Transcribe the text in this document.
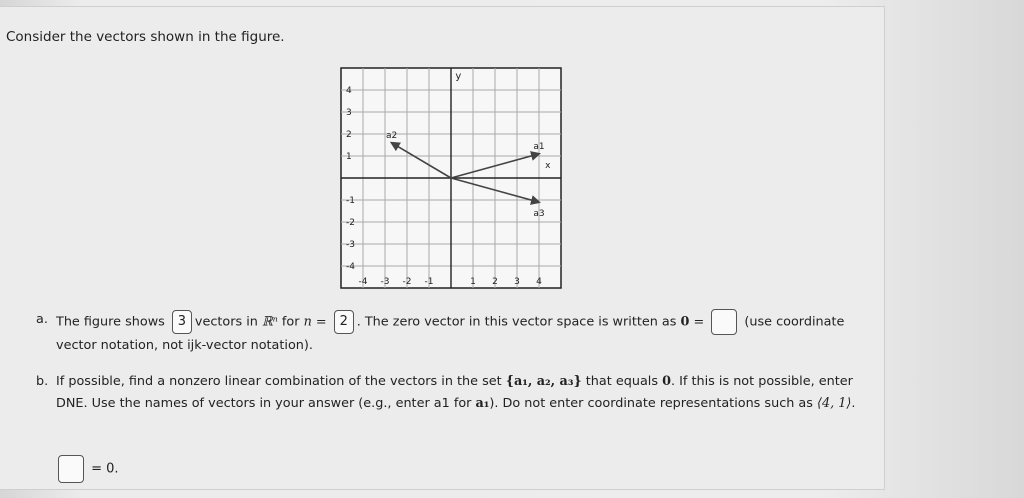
Consider the vectors shown in the figure.
x
y
-4 -3 -2 -1	1 2 3 4
4
3
2
1
-1
-2
-3
-4
a1
a2
a3
a. The figure shows 3 vectors in ℝⁿ for n = 2 . The zero vector in this vector space is written as 0 =	(use coordinate vector notation, not ijk-vector notation).
b. If possible, find a nonzero linear combination of the vectors in the set {a₁, a₂, a₃} that equals 0. If this is not possible, enter DNE. Use the names of vectors in your answer (e.g., enter a1 for a₁). Do not enter coordinate representations such as ⟨4, 1⟩.
= 0.
